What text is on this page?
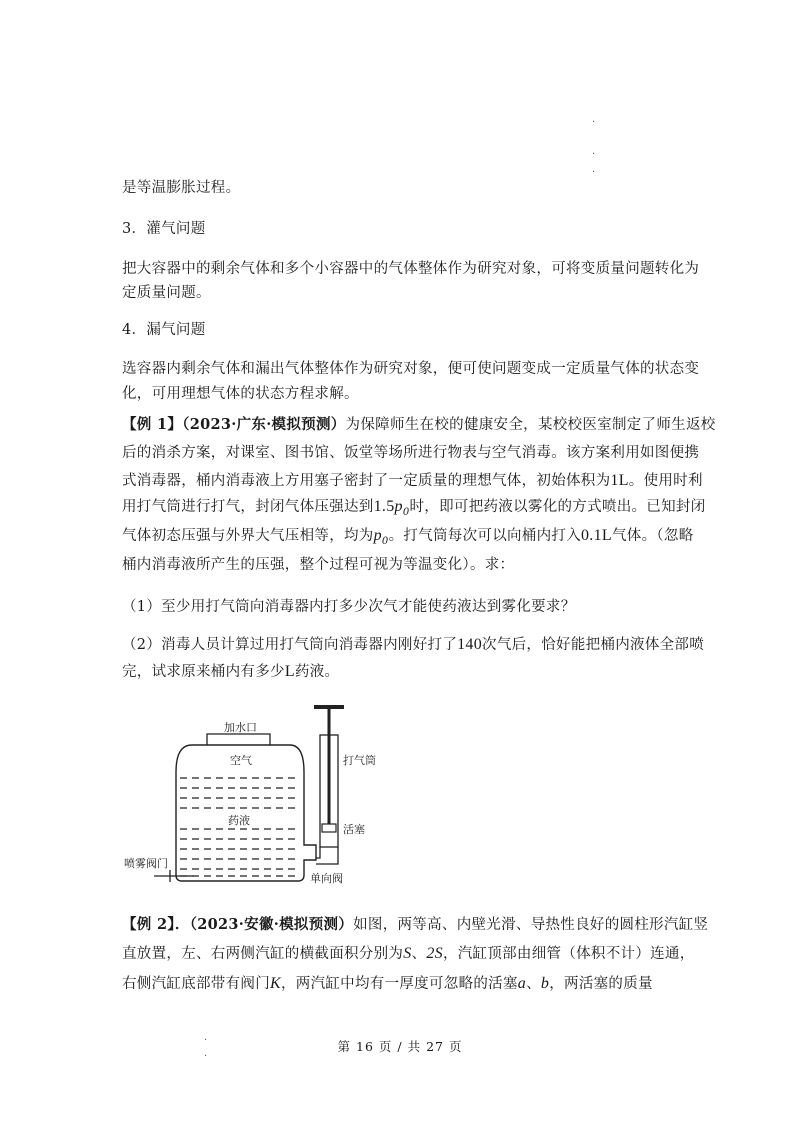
.
.
.
是等温膨胀过程。
3．灌气问题
把大容器中的剩余气体和多个小容器中的气体整体作为研究对象，可将变质量问题转化为
定质量问题。
4．漏气问题
选容器内剩余气体和漏出气体整体作为研究对象，便可使问题变成一定质量气体的状态变
化，可用理想气体的状态方程求解。
【例 1】（2023·广东·模拟预测）为保障师生在校的健康安全，某校校医室制定了师生返校
后的消杀方案，对课室、图书馆、饭堂等场所进行物表与空气消毒。该方案利用如图便携
式消毒器，桶内消毒液上方用塞子密封了一定质量的理想气体，初始体积为1L。使用时利
用打气筒进行打气，封闭气体压强达到$1.5p_0$时，即可把药液以雾化的方式喷出。已知封闭
气体初态压强与外界大气压相等，均为$p_0$。打气筒每次可以向桶内打入0.1L气体。（忽略
桶内消毒液所产生的压强，整个过程可视为等温变化）。求：
（1）至少用打气筒向消毒器内打多少次气才能使药液达到雾化要求？
（2）消毒人员计算过用打气筒向消毒器内刚好打了140次气后，恰好能把桶内液体全部喷
完，试求原来桶内有多少L药液。
加水口
空气
药液
打气筒
活塞
喷雾阀门
单向阀
【例 2】．（2023·安徽·模拟预测）如图，两等高、内壁光滑、导热性良好的圆柱形汽缸竖
直放置，左、右两侧汽缸的横截面积分别为S、2S，汽缸顶部由细管（体积不计）连通，
右侧汽缸底部带有阀门K，两汽缸中均有一厚度可忽略的活塞a、b，两活塞的质量
.
.	第 16 页 / 共 27 页
